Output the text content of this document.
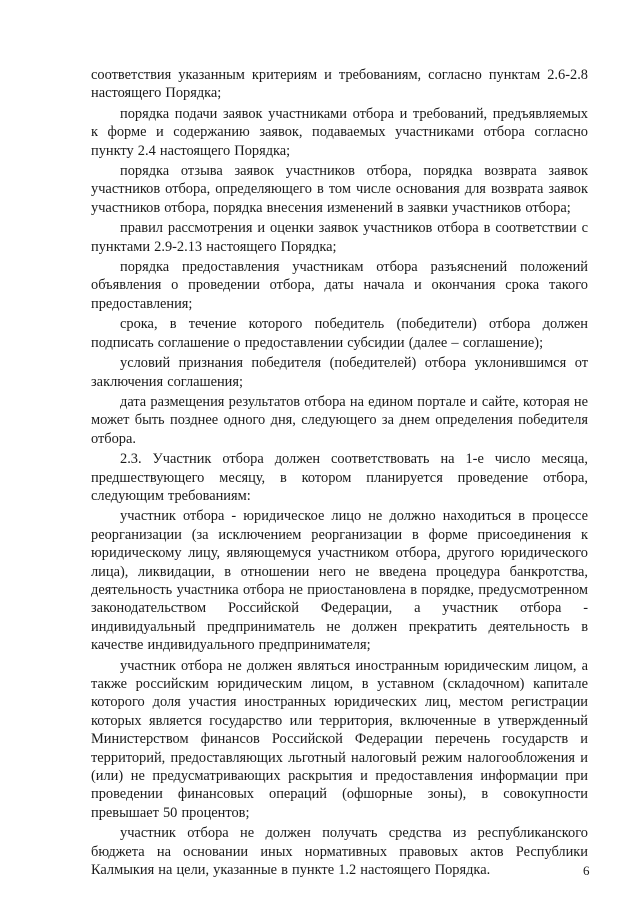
соответствия указанным критериям и требованиям, согласно пунктам 2.6-2.8 настоящего Порядка;

порядка подачи заявок участниками отбора и требований, предъявляемых к форме и содержанию заявок, подаваемых участниками отбора согласно пункту 2.4 настоящего Порядка;

порядка отзыва заявок участников отбора, порядка возврата заявок участников отбора, определяющего в том числе основания для возврата заявок участников отбора, порядка внесения изменений в заявки участников отбора;

правил рассмотрения и оценки заявок участников отбора в соответствии с пунктами 2.9-2.13 настоящего Порядка;

порядка предоставления участникам отбора разъяснений положений объявления о проведении отбора, даты начала и окончания срока такого предоставления;

срока, в течение которого победитель (победители) отбора должен подписать соглашение о предоставлении субсидии (далее – соглашение);

условий признания победителя (победителей) отбора уклонившимся от заключения соглашения;

дата размещения результатов отбора на едином портале и сайте, которая не может быть позднее одного дня, следующего за днем определения победителя отбора.

2.3. Участник отбора должен соответствовать на 1-е число месяца, предшествующего месяцу, в котором планируется проведение отбора, следующим требованиям:

участник отбора - юридическое лицо не должно находиться в процессе реорганизации (за исключением реорганизации в форме присоединения к юридическому лицу, являющемуся участником отбора, другого юридического лица), ликвидации, в отношении него не введена процедура банкротства, деятельность участника отбора не приостановлена в порядке, предусмотренном законодательством Российской Федерации, а участник отбора - индивидуальный предприниматель не должен прекратить деятельность в качестве индивидуального предпринимателя;

участник отбора не должен являться иностранным юридическим лицом, а также российским юридическим лицом, в уставном (складочном) капитале которого доля участия иностранных юридических лиц, местом регистрации которых является государство или территория, включенные в утвержденный Министерством финансов Российской Федерации перечень государств и территорий, предоставляющих льготный налоговый режим налогообложения и (или) не предусматривающих раскрытия и предоставления информации при проведении финансовых операций (офшорные зоны), в совокупности превышает 50 процентов;

участник отбора не должен получать средства из республиканского бюджета на основании иных нормативных правовых актов Республики Калмыкия на цели, указанные в пункте 1.2 настоящего Порядка.	6
